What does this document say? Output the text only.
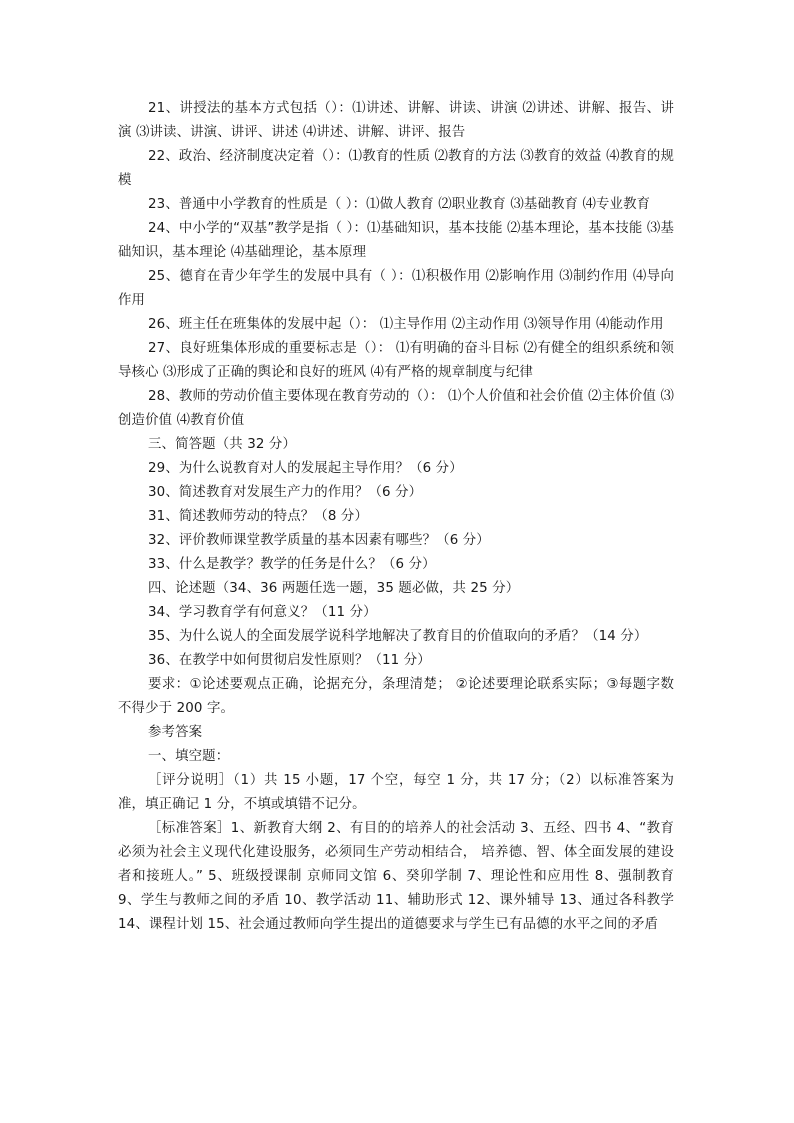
21、讲授法的基本方式包括（）：⑴讲述、讲解、讲读、讲演 ⑵讲述、讲解、报告、讲演 ⑶讲读、讲演、讲评、讲述 ⑷讲述、讲解、讲评、报告

22、政治、经济制度决定着（）：⑴教育的性质 ⑵教育的方法 ⑶教育的效益 ⑷教育的规模

23、普通中小学教育的性质是（ ）：⑴做人教育 ⑵职业教育 ⑶基础教育 ⑷专业教育

24、中小学的“双基”教学是指（ ）：⑴基础知识，基本技能 ⑵基本理论，基本技能 ⑶基础知识，基本理论 ⑷基础理论，基本原理

25、德育在青少年学生的发展中具有（ ）：⑴积极作用 ⑵影响作用 ⑶制约作用 ⑷导向作用

26、班主任在班集体的发展中起（）： ⑴主导作用 ⑵主动作用 ⑶领导作用 ⑷能动作用

27、良好班集体形成的重要标志是（）： ⑴有明确的奋斗目标 ⑵有健全的组织系统和领导核心 ⑶形成了正确的舆论和良好的班风 ⑷有严格的规章制度与纪律

28、教师的劳动价值主要体现在教育劳动的（）： ⑴个人价值和社会价值 ⑵主体价值 ⑶创造价值 ⑷教育价值

三、简答题（共 32 分）

29、为什么说教育对人的发展起主导作用？（6 分）

30、简述教育对发展生产力的作用？（6 分）

31、简述教师劳动的特点？（8 分）

32、评价教师课堂教学质量的基本因素有哪些？（6 分）

33、什么是教学？教学的任务是什么？（6 分）

四、论述题（34、36 两题任选一题，35 题必做，共 25 分）

34、学习教育学有何意义？（11 分）

35、为什么说人的全面发展学说科学地解决了教育目的价值取向的矛盾？（14 分）

36、在教学中如何贯彻启发性原则？（11 分）

要求：①论述要观点正确，论据充分，条理清楚； ②论述要理论联系实际；③每题字数不得少于 200 字。

参考答案

一、填空题：

［评分说明］（1）共 15 小题，17 个空，每空 1 分，共 17 分；（2）以标准答案为准，填正确记 1 分，不填或填错不记分。

［标准答案］1、新教育大纲 2、有目的的培养人的社会活动 3、五经、四书 4、“教育必须为社会主义现代化建设服务，必须同生产劳动相结合， 培养德、智、体全面发展的建设者和接班人。” 5、班级授课制 京师同文馆 6、癸卯学制 7、理论性和应用性 8、强制教育 9、学生与教师之间的矛盾 10、教学活动 11、辅助形式 12、课外辅导 13、通过各科教学 14、课程计划 15、社会通过教师向学生提出的道德要求与学生已有品德的水平之间的矛盾
